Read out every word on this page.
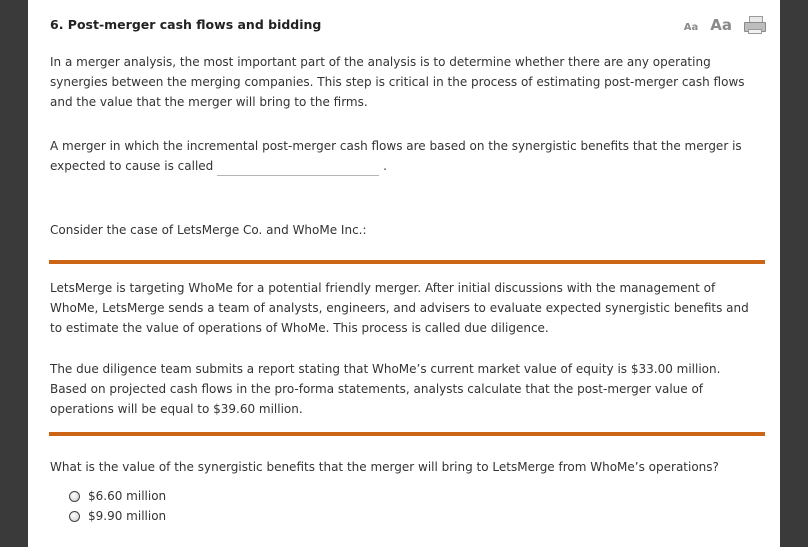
6. Post-merger cash flows and bidding	Aa Aa

In a merger analysis, the most important part of the analysis is to determine whether there are any operating synergies between the merging companies. This step is critical in the process of estimating post-merger cash flows and the value that the merger will bring to the firms.

A merger in which the incremental post-merger cash flows are based on the synergistic benefits that the merger is expected to cause is called	.

Consider the case of LetsMerge Co. and WhoMe Inc.:

LetsMerge is targeting WhoMe for a potential friendly merger. After initial discussions with the management of WhoMe, LetsMerge sends a team of analysts, engineers, and advisers to evaluate expected synergistic benefits and to estimate the value of operations of WhoMe. This process is called due diligence.

The due diligence team submits a report stating that WhoMe’s current market value of equity is $33.00 million. Based on projected cash flows in the pro-forma statements, analysts calculate that the post-merger value of operations will be equal to $39.60 million.

What is the value of the synergistic benefits that the merger will bring to LetsMerge from WhoMe’s operations?

$6.60 million
$9.90 million
